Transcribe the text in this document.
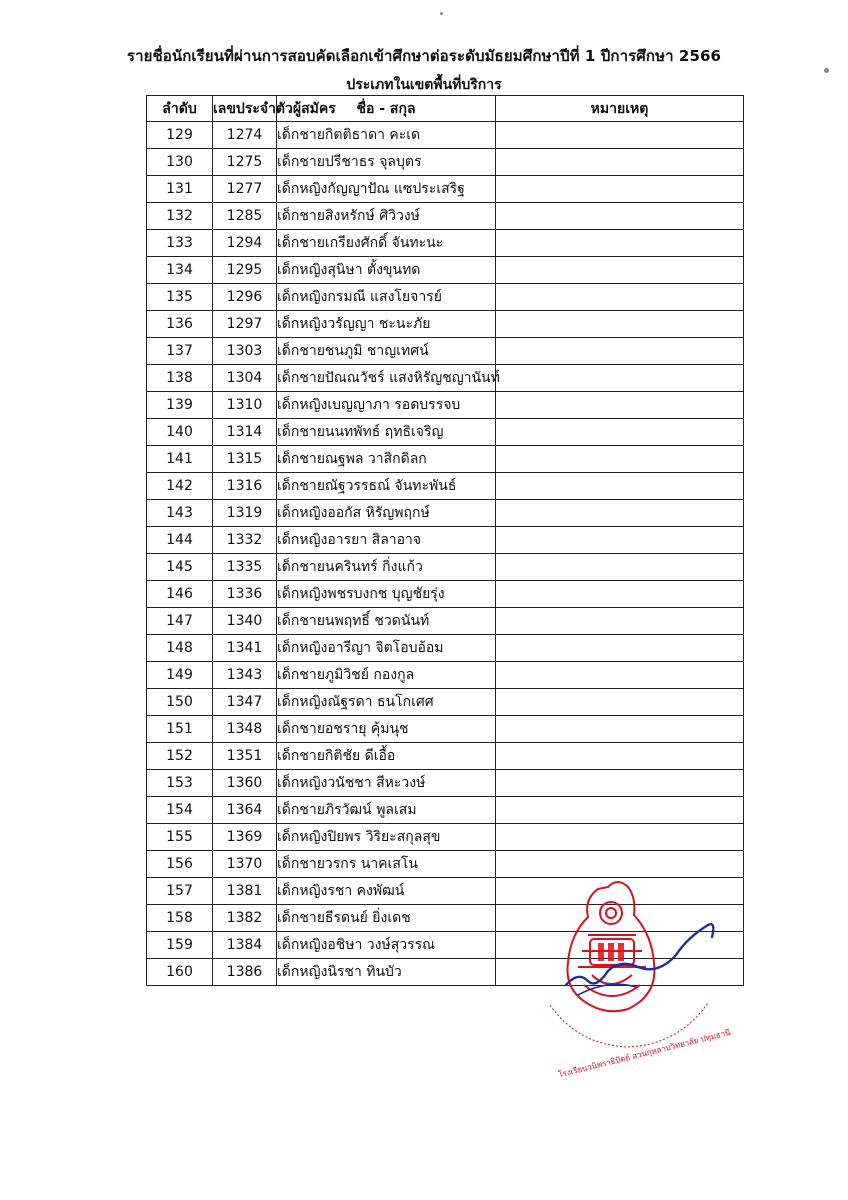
รายชื่อนักเรียนที่ผ่านการสอบคัดเลือกเข้าศึกษาต่อระดับมัธยมศึกษาปีที่ 1 ปีการศึกษา 2566
ประเภทในเขตพื้นที่บริการ
ลำดับ	เลขประจำตัวผู้สมัคร	ชื่อ - สกุล	หมายเหตุ
129	1274	เด็กชายกิตติธาดา คะเด	
130	1275	เด็กชายปรีชาธร จุลบุตร	
131	1277	เด็กหญิงกัญญาปัณ แซประเสริฐ	
132	1285	เด็กชายสิงหรักษ์ ศิวิวงษ์	
133	1294	เด็กชายเกรียงศักดิ์ จันทะนะ	
134	1295	เด็กหญิงสุนิษา ตั้งขุนทด	
135	1296	เด็กหญิงกรมณี แสงโยจารย์	
136	1297	เด็กหญิงวรัญญา ชะนะภัย	
137	1303	เด็กชายชนภูมิ ชาญเทศน์	
138	1304	เด็กชายปัณณวัชร์ แสงหิรัญชญานันท์	
139	1310	เด็กหญิงเบญญาภา รอดบรรจบ	
140	1314	เด็กชายนนทพัทธ์ ฤทธิเจริญ	
141	1315	เด็กชายณฐพล วาสิกดิลก	
142	1316	เด็กชายณัฐวรรธณ์ จันทะพันธ์	
143	1319	เด็กหญิงออกัส หิรัญพฤกษ์	
144	1332	เด็กหญิงอารยา สิลาอาจ	
145	1335	เด็กชายนครินทร์ กิ่งแก้ว	
146	1336	เด็กหญิงพชรบงกช บุญชัยรุ่ง	
147	1340	เด็กชายนพฤทธิ์ ชวดนันท์	
148	1341	เด็กหญิงอารีญา จิตโอบอ้อม	
149	1343	เด็กชายภูมิวิชย์ กองกูล	
150	1347	เด็กหญิงณัฐรดา ธนโกเศศ	
151	1348	เด็กชายอชรายุ คุ้มนุช	
152	1351	เด็กชายกิติชัย ดีเอื้อ	
153	1360	เด็กหญิงวนัชชา สีหะวงษ์	
154	1364	เด็กชายภิรวัฒน์ พูลเสม	
155	1369	เด็กหญิงปิยพร วิริยะสกุลสุข	
156	1370	เด็กชายวรกร นาคเสโน	
157	1381	เด็กหญิงรชา คงพัฒน์	
158	1382	เด็กชายธีรดนย์ ยิ่งเดช	
159	1384	เด็กหญิงอชิษา วงษ์สุวรรณ	
160	1386	เด็กหญิงนิรชา ทินบัว	
โรงเรียนวนิพราธิปัตย์ สวนกุหลาบวิทยาลัย ปทุมธานี
